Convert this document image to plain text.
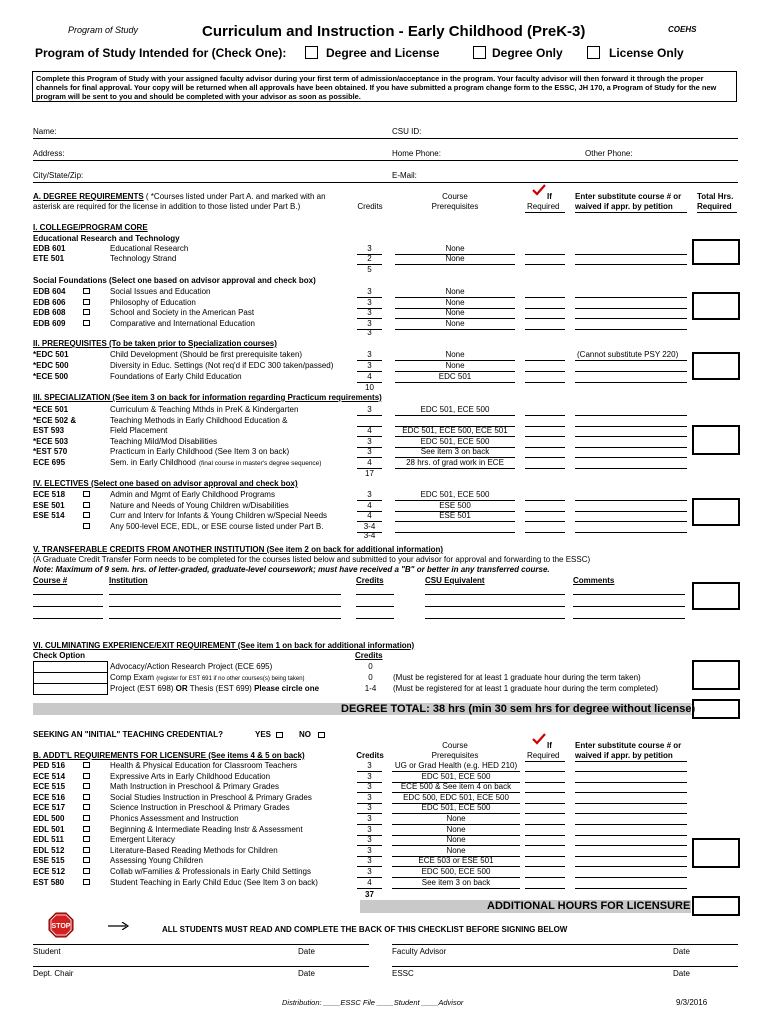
Program of Study	Curriculum and Instruction - Early Childhood (PreK-3)	COEHS
Program of Study Intended for (Check One):	Degree and License	Degree Only	License Only
Complete this Program of Study with your assigned faculty advisor during your first term of admission/acceptance in the program. Your faculty advisor will then forward it through the proper channels for final approval. Your copy will be returned when all approvals have been obtained. If you have submitted a program change form to the ESSC, JH 170, a Program of Study for the new program will be sent to you and should be completed with your advisor as soon as possible.
Name:	CSU ID:
Address:	Home Phone:	Other Phone:
City/State/Zip:	E-Mail:
A. DEGREE REQUIREMENTS ( *Courses listed under Part A. and marked with an asterisk are required for the license in addition to those listed under Part B.)	Credits
Course Prerequisites
If
Required
Enter substitute course # or waived if appr. by petition
Total Hrs. Required
I. COLLEGE/PROGRAM CORE
Educational Research and Technology
EDB 601	Educational Research	3	None
ETE 501	Technology Strand	2	None
5
Social Foundations (Select one based on advisor approval and check box)
EDB 604	Social Issues and Education	3	None
EDB 606	Philosophy of Education	3	None
EDB 608	School and Society in the American Past	3	None
EDB 609	Comparative and International Education	3	None
3
II. PREREQUISITES (To be taken prior to Specialization courses)
*EDC 501	Child Development (Should be first prerequisite taken)	3	None	(Cannot substitute PSY 220)
*EDC 500	Diversity in Educ. Settings (Not req'd if EDC 300 taken/passed)	3	None
*ECE 500	Foundations of Early Child Education	4	EDC 501
10
III. SPECIALIZATION (See item 3 on back for information regarding Practicum requirements)
*ECE 501	Curriculum & Teaching Mthds in PreK & Kindergarten	3	EDC 501, ECE 500
*ECE 502 &	Teaching Methods in Early Childhood Education &
EST 593	Field Placement	4	EDC 501, ECE 500, ECE 501
*ECE 503	Teaching Mild/Mod Disabilities	3	EDC 501, ECE 500
*EST 570	Practicum in Early Childhood (See Item 3 on back)	3	See item 3 on back
ECE 695	Sem. in Early Childhood (final course in master's degree sequence)	4	28 hrs. of grad work in ECE
17
IV. ELECTIVES (Select one based on advisor approval and check box)
ECE 518	Admin and Mgmt of Early Childhood Programs	3	EDC 501, ECE 500
ESE 501	Nature and Needs of Young Children w/Disabilities	4	ESE 500
ESE 514	Curr and Interv for Infants & Young Children w/Special Needs	4	ESE 501
Any 500-level ECE, EDL, or ESE course listed under Part B.	3-4
3-4
V. TRANSFERABLE CREDITS FROM ANOTHER INSTITUTION (See item 2 on back for additional information)
(A Graduate Credit Transfer Form needs to be completed for the courses listed below and submitted to your advisor for approval and forwarding to the ESSC)
Note: Maximum of 9 sem. hrs. of letter-graded, graduate-level coursework; must have received a "B" or better in any transferred course.
Course #	Institution	Credits	CSU Equivalent	Comments
VI. CULMINATING EXPERIENCE/EXIT REQUIREMENT (See item 1 on back for additional information)
Check Option	Credits
Advocacy/Action Research Project (ECE 695)	0
Comp Exam (register for EST 691 if no other courses(s) being taken)	0	(Must be registered for at least 1 graduate hour during the term taken)
Project (EST 698) OR Thesis (EST 699) Please circle one	1-4	(Must be registered for at least 1 graduate hour during the term completed)
DEGREE TOTAL: 38 hrs (min 30 sem hrs for degree without license)
SEEKING AN "INITIAL" TEACHING CREDENTIAL?	YES	NO
B. ADDT'L REQUIREMENTS FOR LICENSURE (See items 4 & 5 on back)	Credits
Course Prerequisites
If
Required
Enter substitute course # or waived if appr. by petition
PED 516	Health & Physical Education for Classroom Teachers	3	UG or Grad Health (e.g. HED 210)
ECE 514	Expressive Arts in Early Childhood Education	3	EDC 501, ECE 500
ECE 515	Math Instruction in Preschool & Primary Grades	3	ECE 500 & See item 4 on back
ECE 516	Social Studies Instruction in Preschool & Primary Grades	3	EDC 500, EDC 501, ECE 500
ECE 517	Science Instruction in Preschool & Primary Grades	3	EDC 501, ECE 500
EDL 500	Phonics Assessment and Instruction	3	None
EDL 501	Beginning & Intermediate Reading Instr & Assessment	3	None
EDL 511	Emergent Literacy	3	None
EDL 512	Literature-Based Reading Methods for Children	3	None
ESE 515	Assessing Young Children	3	ECE 503 or ESE 501
ECE 512	Collab w/Families & Professionals in Early Child Settings	3	EDC 500, ECE 500
EST 580	Student Teaching in Early Child Educ (See Item 3 on back)	4	See item 3 on back
37
ADDITIONAL HOURS FOR LICENSURE
STOP	ALL STUDENTS MUST READ AND COMPLETE THE BACK OF THIS CHECKLIST BEFORE SIGNING BELOW
Student	Date	Faculty Advisor	Date
Dept. Chair	Date	ESSC	Date
Distribution: ____ESSC File ____Student ____Advisor	9/3/2016
